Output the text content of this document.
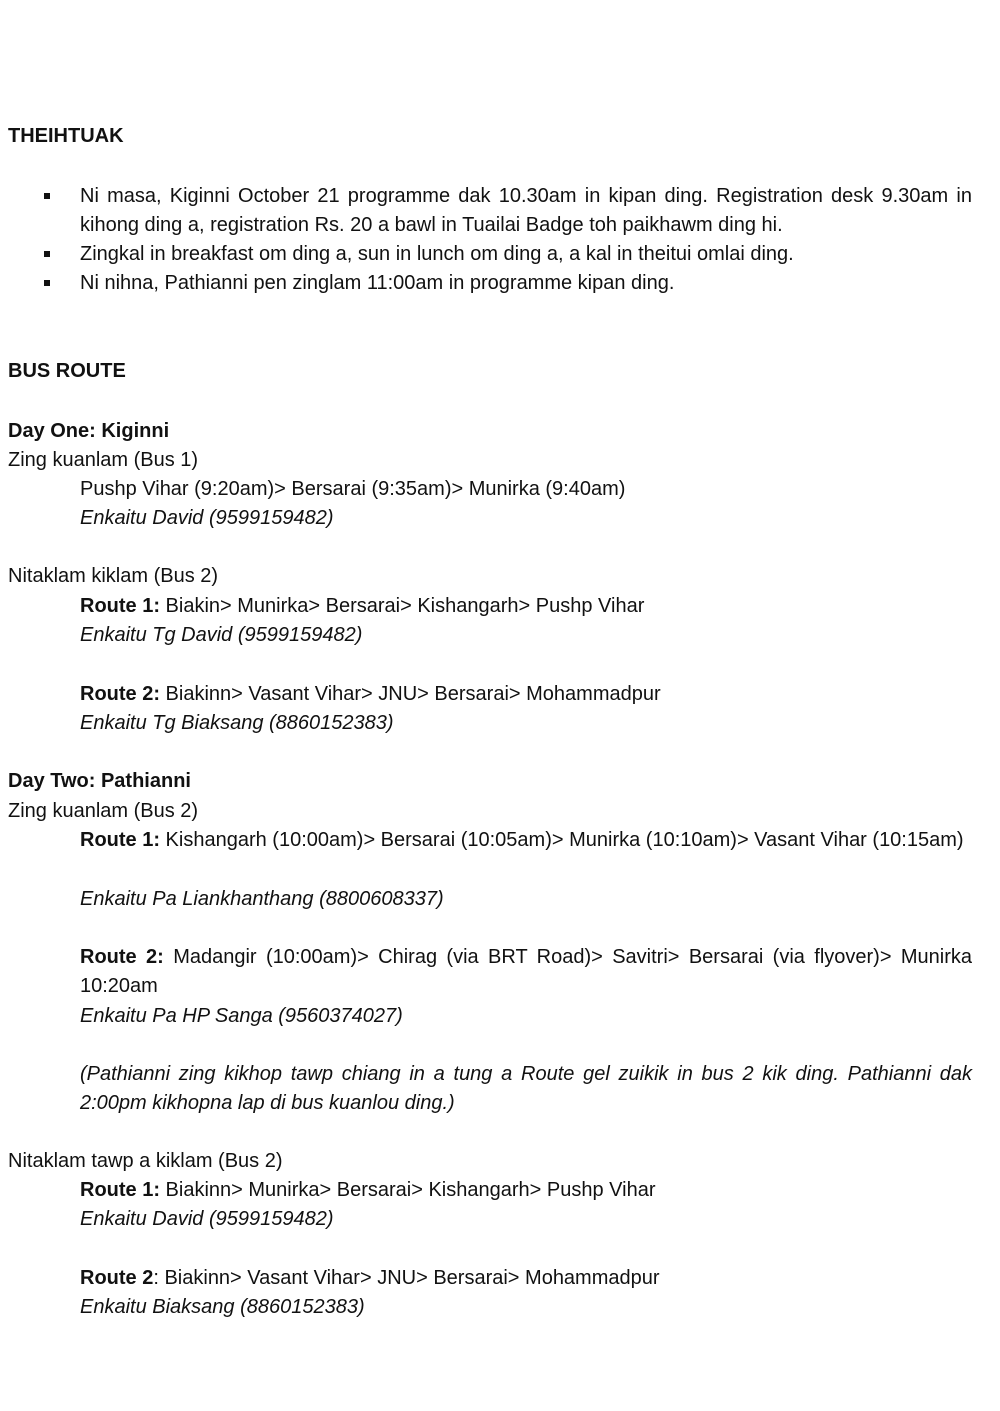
THEIHTUAK
Ni masa, Kiginni October 21 programme dak 10.30am in kipan ding. Registration desk 9.30am in kihong ding a, registration Rs. 20 a bawl in Tuailai Badge toh paikhawm ding hi.
Zingkal in breakfast om ding a, sun in lunch om ding a, a kal in theitui omlai ding.
Ni nihna, Pathianni pen zinglam 11:00am in programme kipan ding.
BUS ROUTE
Day One: Kiginni
Zing kuanlam (Bus 1)
Pushp Vihar (9:20am)> Bersarai (9:35am)> Munirka (9:40am)
Enkaitu David (9599159482)
Nitaklam kiklam (Bus 2)
Route 1: Biakin> Munirka> Bersarai> Kishangarh> Pushp Vihar
Enkaitu Tg David (9599159482)
Route 2: Biakinn> Vasant Vihar> JNU> Bersarai> Mohammadpur
Enkaitu Tg Biaksang (8860152383)
Day Two: Pathianni
Zing kuanlam (Bus 2)
Route 1: Kishangarh (10:00am)> Bersarai (10:05am)> Munirka (10:10am)> Vasant Vihar (10:15am)
Enkaitu Pa Liankhanthang (8800608337)
Route 2: Madangir (10:00am)> Chirag (via BRT Road)> Savitri> Bersarai (via flyover)> Munirka 10:20am
Enkaitu Pa HP Sanga (9560374027)
(Pathianni zing kikhop tawp chiang in a tung a Route gel zuikik in bus 2 kik ding. Pathianni dak 2:00pm kikhopna lap di bus kuanlou ding.)
Nitaklam tawp a kiklam (Bus 2)
Route 1: Biakinn> Munirka> Bersarai> Kishangarh> Pushp Vihar
Enkaitu David (9599159482)
Route 2: Biakinn> Vasant Vihar> JNU> Bersarai> Mohammadpur
Enkaitu Biaksang (8860152383)
